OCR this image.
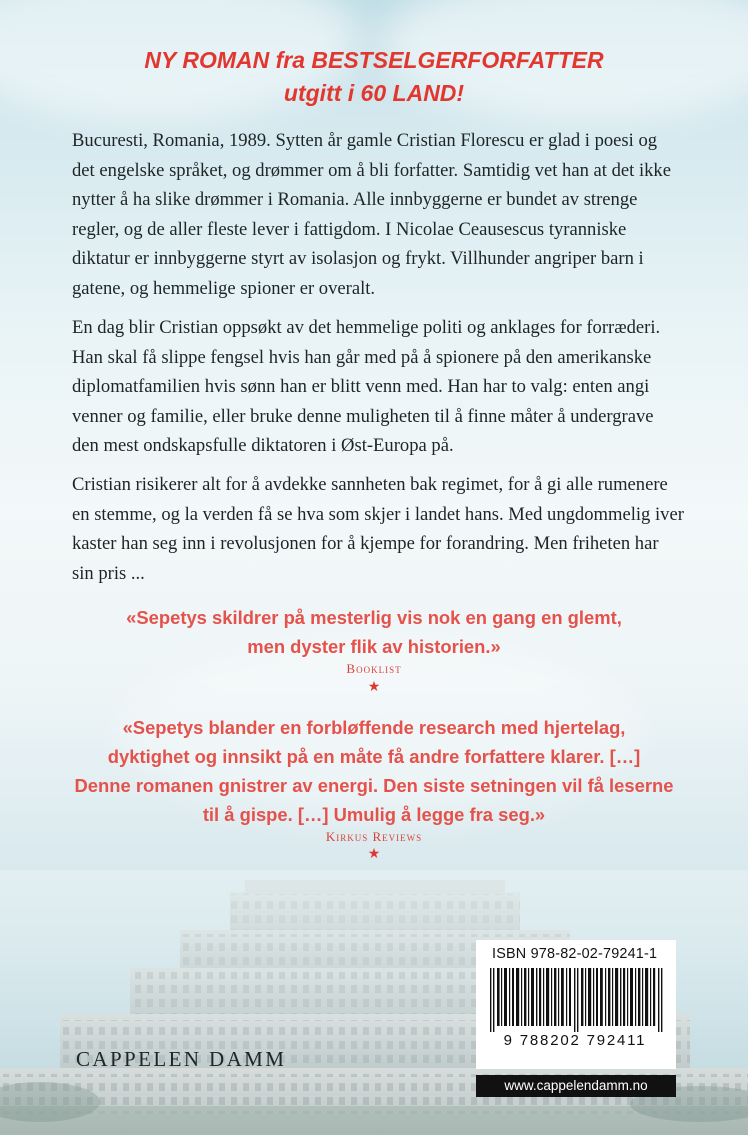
NY ROMAN fra BESTSELGERFORFATTER

utgitt i 60 LAND!

Bucuresti, Romania, 1989. Sytten år gamle Cristian Florescu er glad i poesi og det engelske språket, og drømmer om å bli forfatter. Samtidig vet han at det ikke nytter å ha slike drømmer i Romania. Alle innbyggerne er bundet av strenge regler, og de aller fleste lever i fattigdom. I Nicolae Ceausescus tyranniske diktatur er innbyggerne styrt av isolasjon og frykt. Villhunder angriper barn i gatene, og hemmelige spioner er overalt.

En dag blir Cristian oppsøkt av det hemmelige politi og anklages for forræderi. Han skal få slippe fengsel hvis han går med på å spionere på den amerikanske diplomatfamilien hvis sønn han er blitt venn med. Han har to valg: enten angi venner og familie, eller bruke denne muligheten til å finne måter å undergrave den mest ondskapsfulle diktatoren i Øst-Europa på.

Cristian risikerer alt for å avdekke sannheten bak regimet, for å gi alle rumenere en stemme, og la verden få se hva som skjer i landet hans. Med ungdommelig iver kaster han seg inn i revolusjonen for å kjempe for forandring. Men friheten har sin pris ...

«Sepetys skildrer på mesterlig vis nok en gang en glemt,

men dyster flik av historien.»

Booklist
★

«Sepetys blander en forbløffende research med hjertelag,

dyktighet og innsikt på en måte få andre forfattere klarer. […]

Denne romanen gnistrer av energi. Den siste setningen vil få leserne

til å gispe. […] Umulig å legge fra seg.»

Kirkus Reviews
★
CAPPELEN DAMM
ISBN 978-82-02-79241-1
9 788202 792411
www.cappelendamm.no
